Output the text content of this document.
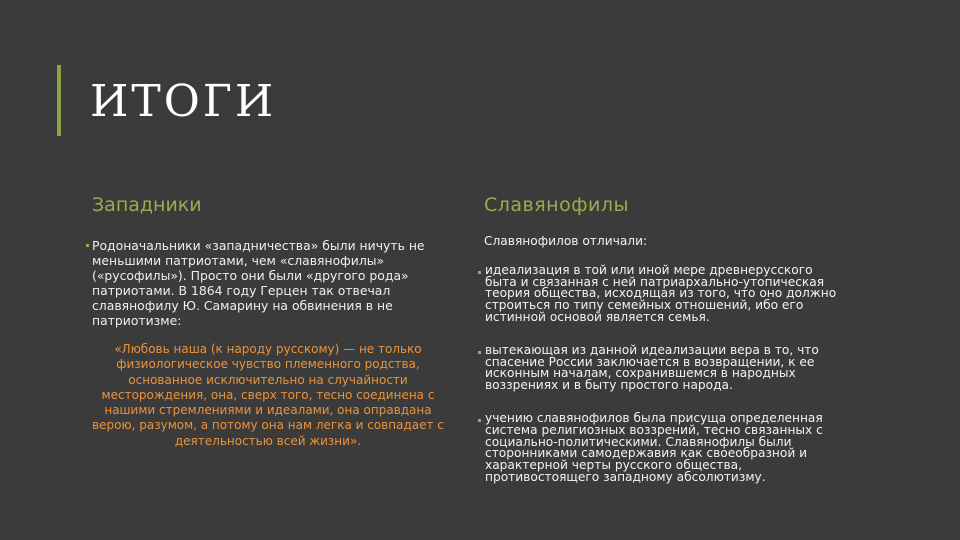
ИТОГИ
Западники	Славянофилы
Родоначальники «западничества» были ничуть не меньшими патриотами, чем «славянофилы» («русофилы»). Просто они были «другого рода» патриотами. В 1864 году Герцен так отвечал славянофилу Ю. Самарину на обвинения в не патриотизме:
«Любовь наша (к народу русскому) — не только физиологическое чувство племенного родства, основанное исключительно на случайности месторождения, она, сверх того, тесно соединена с нашими стремлениями и идеалами, она оправдана верою, разумом, а потому она нам легка и совпадает с деятельностью всей жизни».
Славянофилов отличали:
идеализация в той или иной мере древнерусского
быта и связанная с ней патриархально-утопическая
теория общества, исходящая из того, что оно должно
строиться по типу семейных отношений, ибо его
истинной основой является семья.
вытекающая из данной идеализации вера в то, что
спасение России заключается в возвращении, к ее
исконным началам, сохранившемся в народных
воззрениях и в быту простого народа.
учению славянофилов была присуща определенная
система религиозных воззрений, тесно связанных с
социально-политическими. Славянофилы были
сторонниками самодержавия как своеобразной и
характерной черты русского общества,
противостоящего западному абсолютизму.
